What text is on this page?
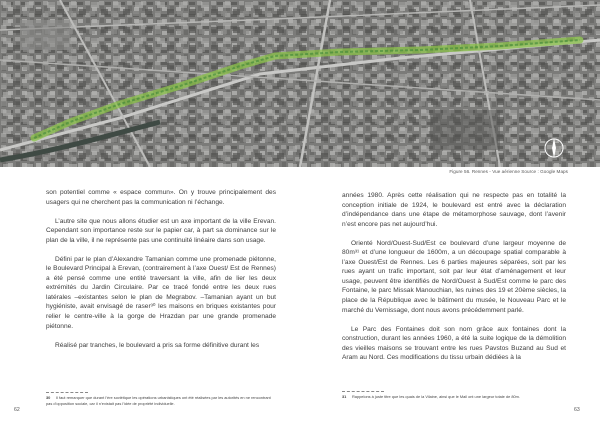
Figure 56. Rennes - Vue aérienne Source : Google Maps

son potentiel comme « espace commun». On y trouve principalement des usagers qui ne cherchent pas la communication ni l’échange.

L’autre site que nous allons étudier est un axe important de la ville Erevan. Cependant son importance reste sur le papier car, à part sa dominance sur le plan de la ville, il ne représente pas une continuité linéaire dans son usage.

Défini par le plan d’Alexandre Tamanian comme une promenade piétonne, le Boulevard Principal à Erevan, (contrairement à l’axe Ouest/ Est de Rennes) a été pensé comme une entité traversant la ville, afin de lier les deux extrémités du Jardin Circulaire. Par ce tracé fondé entre les deux rues latérales –existantes selon le plan de Megrabov. –Tamanian ayant un but hygiéniste, avait envisagé de raser³⁰ les maisons en briques existantes pour relier le centre-ville à la gorge de Hrazdan par une grande promenade piétonne.

Réalisé par tranches, le boulevard a pris sa forme définitive durant les

30 Il faut remarquer que durant l’ère soviétique les opérations urbanistiques ont été réalisées par les autorités en ne rencontrant pas d’opposition sociale, car il n’existait pas l’idée de propriété individuelle.

années 1980. Après cette réalisation qui ne respecte pas en totalité la conception initiale de 1924, le boulevard est entré avec la déclaration d’indépendance dans une étape de métamorphose sauvage, dont l’avenir n’est encore pas net aujourd’hui.

Orienté Nord/Ouest-Sud/Est ce boulevard d’une largeur moyenne de 80m³¹ et d’une longueur de 1600m, a un découpage spatial comparable à l’axe Ouest/Est de Rennes. Les 6 parties majeures séparées, soit par les rues ayant un trafic important, soit par leur état d’aménagement et leur usage, peuvent être identifiés de Nord/Ouest à Sud/Est comme le parc des Fontaine, le parc Missak Manouchian, les ruines des 19 et 20ème siècles, la place de la République avec le bâtiment du musée, le Nouveau Parc et le marché du Vernissage, dont nous avons précédemment parlé.

Le Parc des Fontaines doit son nom grâce aux fontaines dont la construction, durant les années 1960, a été la suite logique de la démolition des vieilles maisons se trouvant entre les rues Pavstos Buzand au Sud et Aram au Nord. Ces modifications du tissu urbain dédiées à la

31 Rappelons à juste titre que les quais de la Vilaine, ainsi que le Mail ont une largeur totale de 80m.
62	63
